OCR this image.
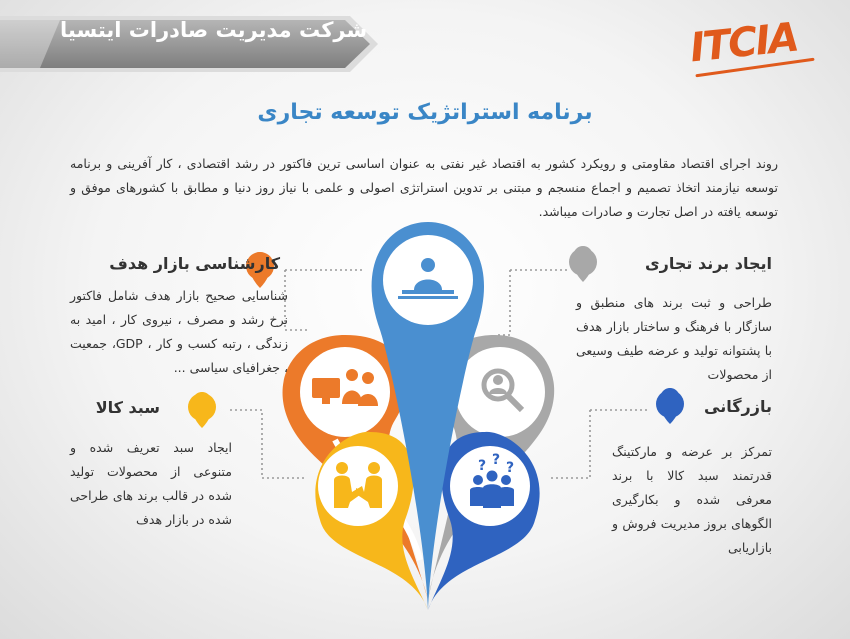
شرکت مدیریت صادرات ایتسیا	ITCIA
برنامه استراتژیک توسعه تجاری
روند اجرای اقتصاد مقاومتی و رویکرد کشور به اقتصاد غیر نفتی به عنوان اساسی ترین فاکتور در رشد اقتصادی ، کار آفرینی و برنامه توسعه نیازمند اتخاذ تصمیم و اجماع منسجم و مبتنی بر تدوین استراتژی اصولی و علمی با نیاز روز دنیا و مطابق با کشورهای موفق و توسعه یافته در اصل تجارت و صادرات میباشد.
? ? ?
کارشناسی بازار هدف
شناسایی صحیح بازار هدف شامل فاکتور نرخ رشد و مصرف ، نیروی کار ، امید به زندگی ، رتبه کسب و کار ، GDP، جمعیت ، جغرافیای سیاسی ...
ایجاد برند تجاری
طراحی و ثبت برند های منطبق و سازگار با فرهنگ و ساختار بازار هدف با پشتوانه تولید و عرضه طیف وسیعی از محصولات
سبد کالا
ایجاد سبد تعریف شده و متنوعی از محصولات تولید شده در قالب برند های طراحی شده در بازار هدف
بازرگانی
تمرکز بر عرضه و مارکتینگ قدرتمند سبد کالا با برند معرفی شده و بکارگیری الگوهای بروز مدیریت فروش و بازاریابی
